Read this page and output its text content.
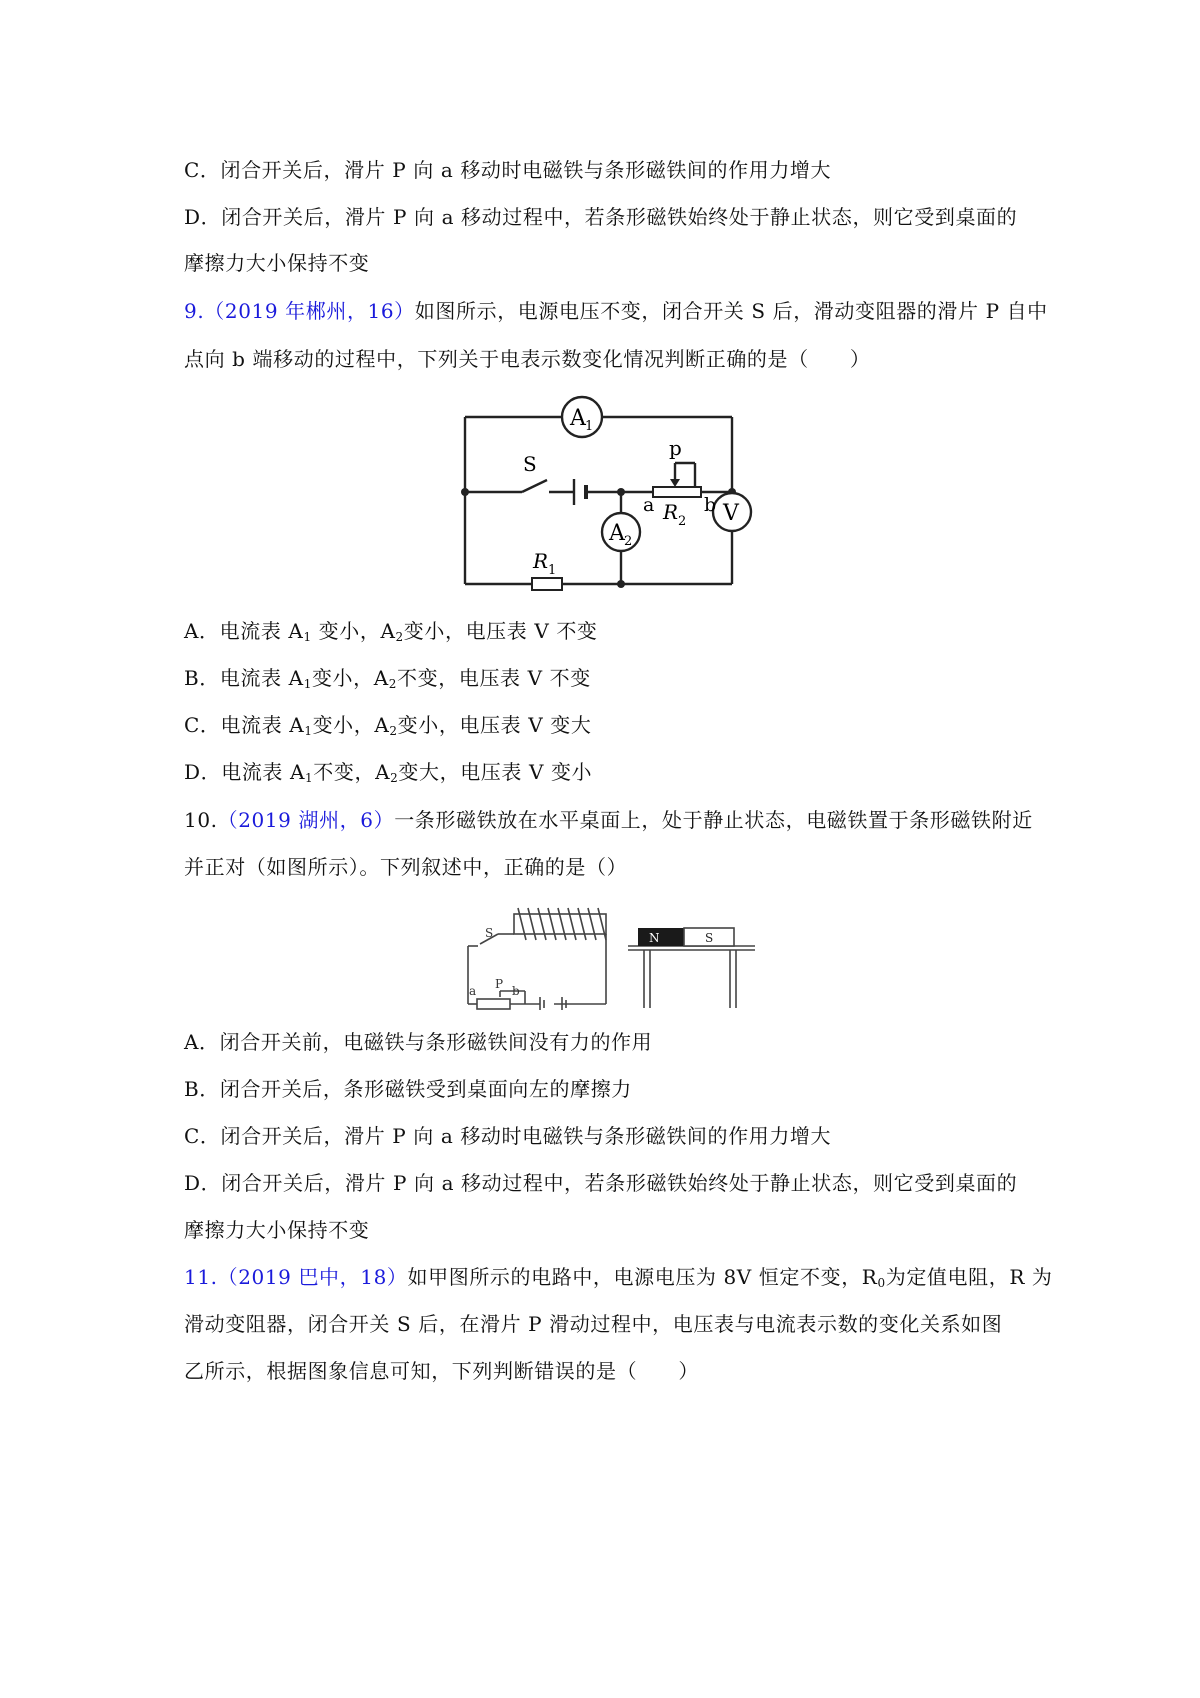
C．闭合开关后，滑片 P 向 a 移动时电磁铁与条形磁铁间的作用力增大
D．闭合开关后，滑片 P 向 a 移动过程中，若条形磁铁始终处于静止状态，则它受到桌面的
摩擦力大小保持不变
9.（2019 年郴州，16）如图所示，电源电压不变，闭合开关 S 后，滑动变阻器的滑片 P 自中
点向 b 端移动的过程中，下列关于电表示数变化情况判断正确的是（　　）
A 1
A 2
V
S
p
a	b
R 2
R 1
A．电流表 $A_1$ 变小，$A_2$变小，电压表 V 不变
B．电流表 $A_1$变小，$A_2$不变，电压表 V 不变
C．电流表 $A_1$变小，$A_2$变小，电压表 V 变大
D．电流表 $A_1$不变，$A_2$变大，电压表 V 变小
10.（2019 湖州，6）一条形磁铁放在水平桌面上，处于静止状态，电磁铁置于条形磁铁附近
并正对（如图所示）。下列叙述中，正确的是（）
N	S
S
P
a	b
A．闭合开关前，电磁铁与条形磁铁间没有力的作用
B．闭合开关后，条形磁铁受到桌面向左的摩擦力
C．闭合开关后，滑片 P 向 a 移动时电磁铁与条形磁铁间的作用力增大
D．闭合开关后，滑片 P 向 a 移动过程中，若条形磁铁始终处于静止状态，则它受到桌面的
摩擦力大小保持不变
11.（2019 巴中，18）如甲图所示的电路中，电源电压为 8V 恒定不变，$R_0$为定值电阻，R 为
滑动变阻器，闭合开关 S 后，在滑片 P 滑动过程中，电压表与电流表示数的变化关系如图
乙所示，根据图象信息可知，下列判断错误的是（　　）
